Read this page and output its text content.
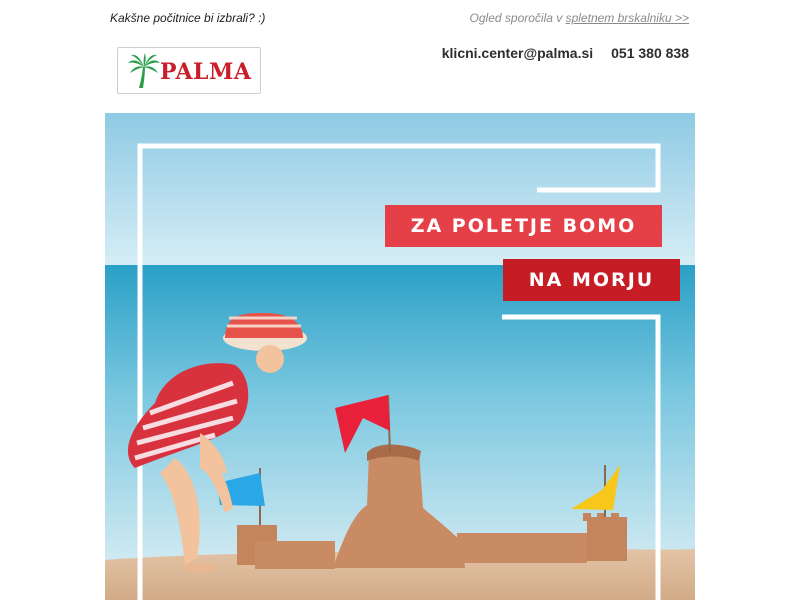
Kakšne počitnice bi izbrali? :)	Ogled sporočila v spletnem brskalniku >>
PALMA
klicni.center@palma.si 051 380 838
ZA POLETJE BOMO
NA MORJU
